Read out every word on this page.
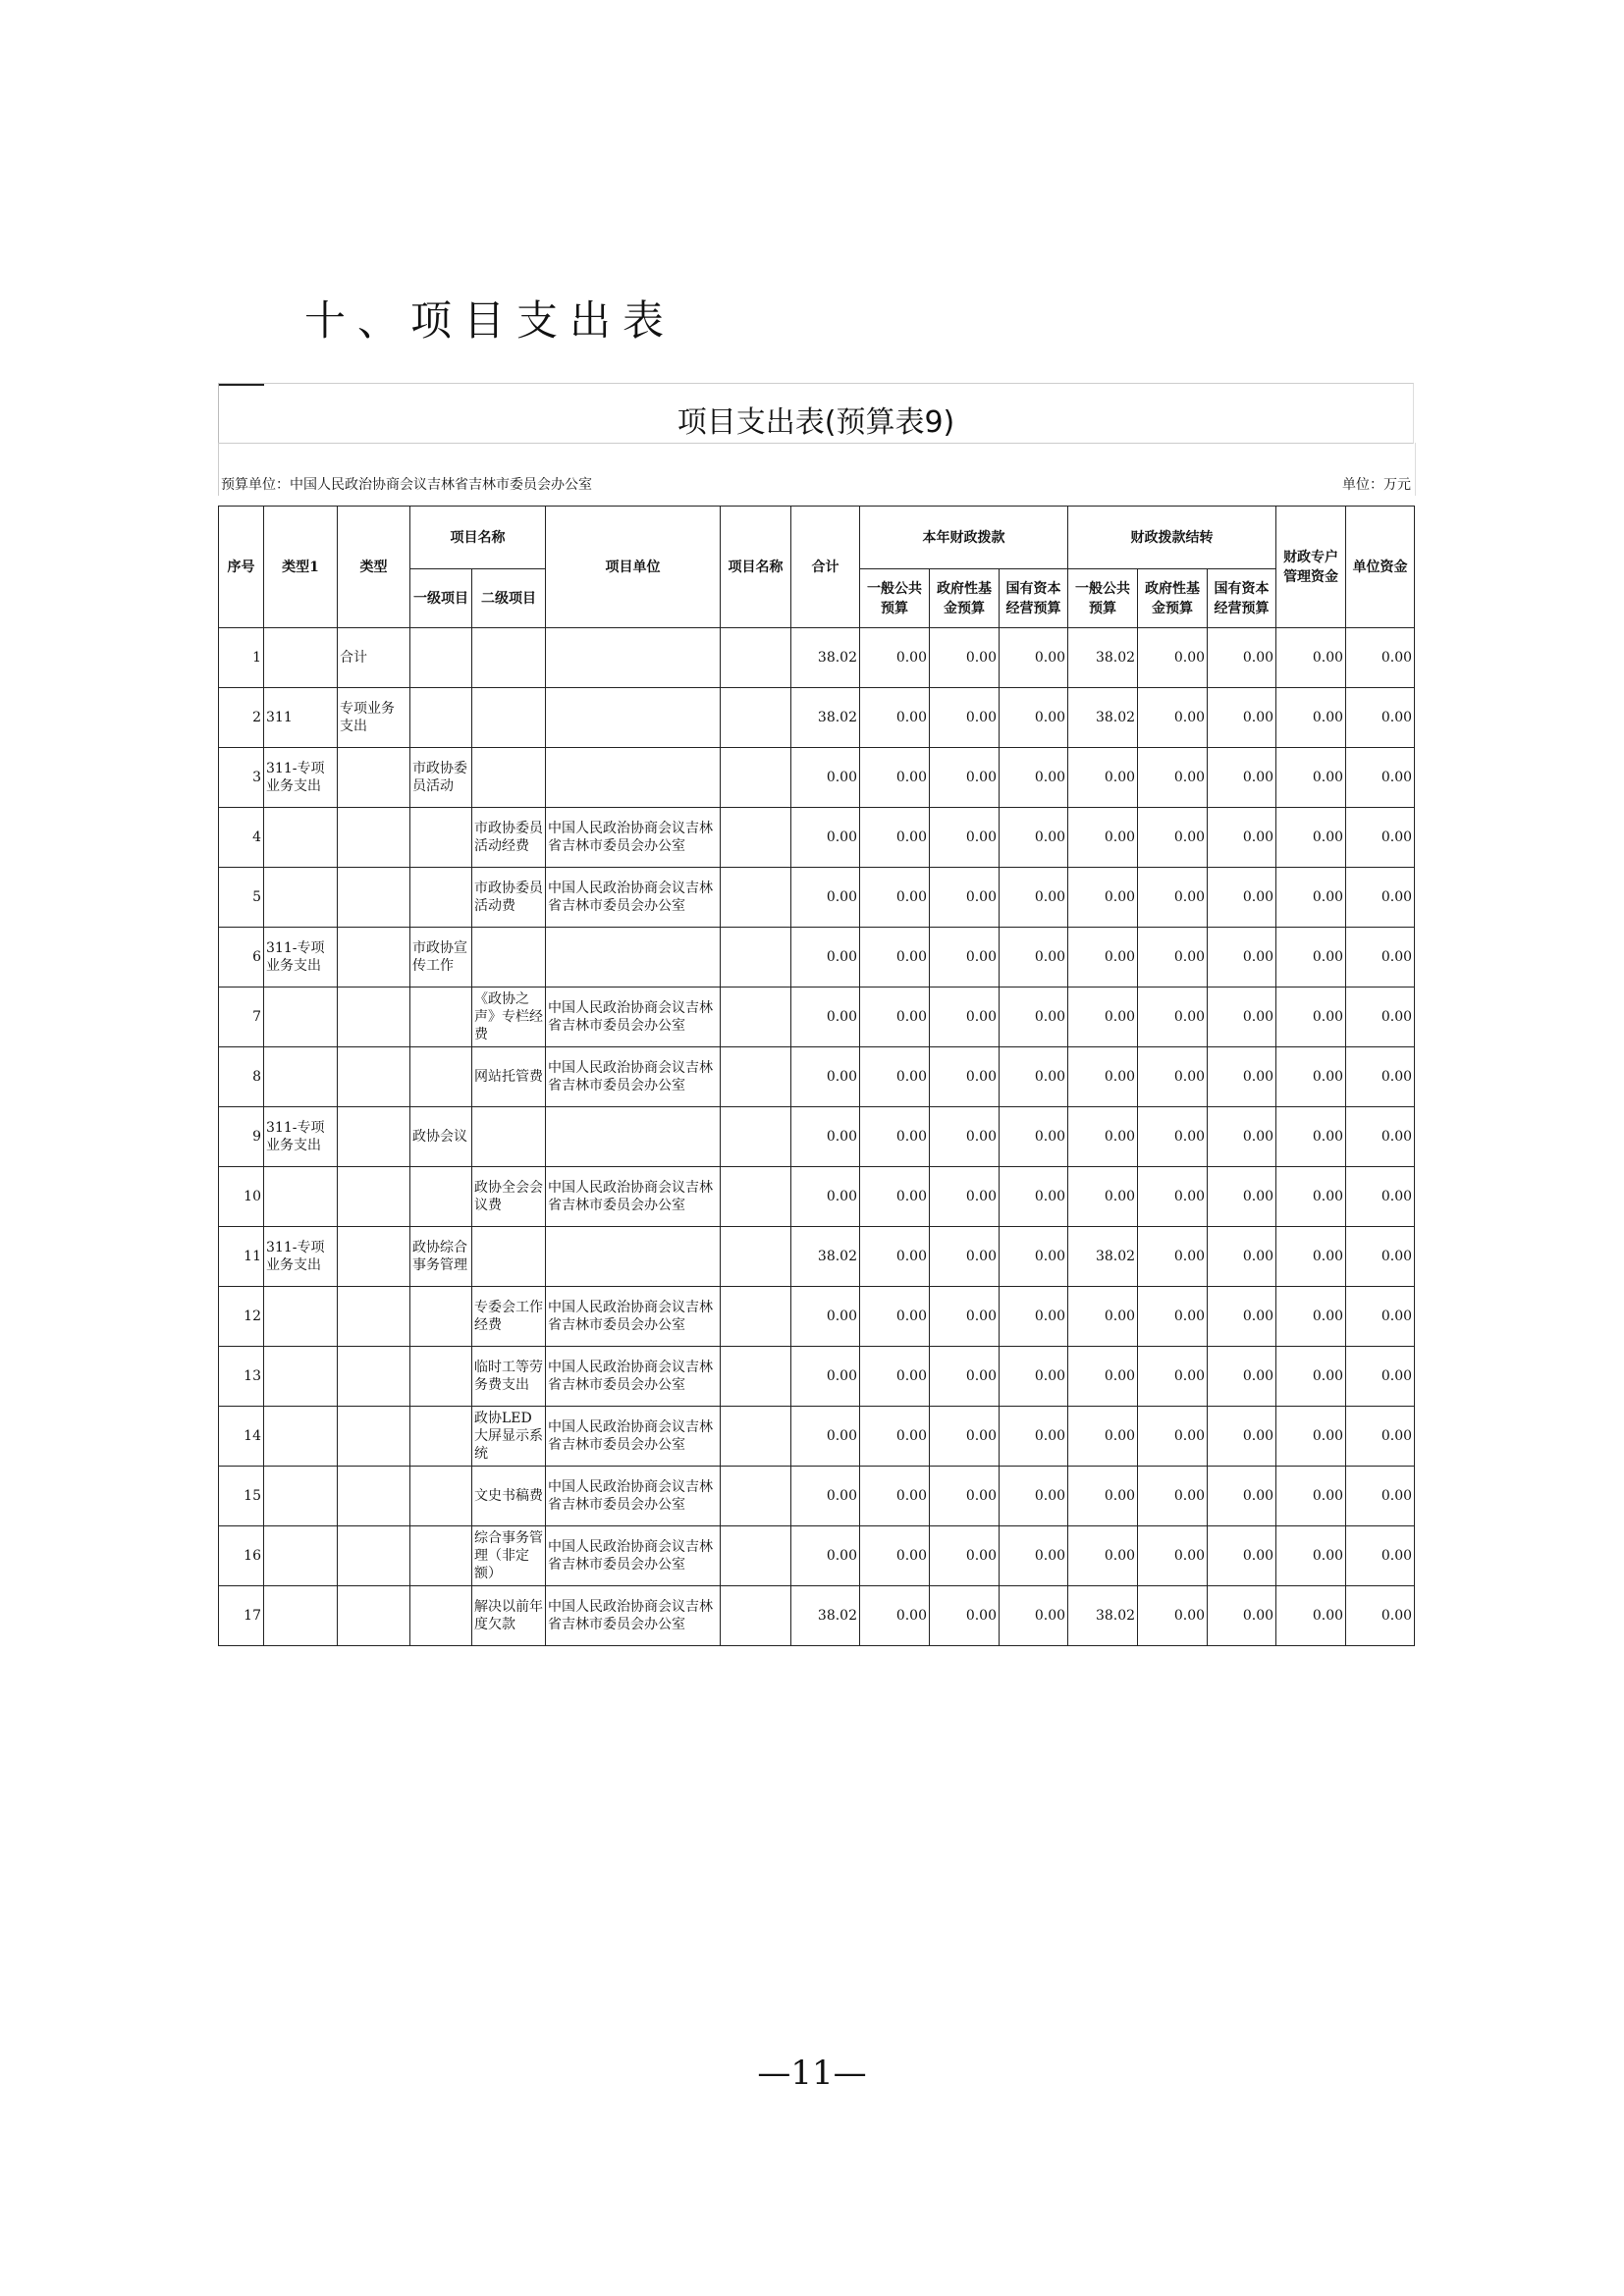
十、项目支出表
项目支出表(预算表9)
预算单位：中国人民政治协商会议吉林省吉林市委员会办公室	单位：万元
序号	类型1	类型	项目名称		项目单位	项目名称	合计	本年财政拨款			财政拨款结转			财政专户管理资金	单位资金
			一级项目	二级项目				一般公共预算	政府性基金预算	国有资本经营预算	一般公共预算	政府性基金预算	国有资本经营预算		
1		合计					38.02	0.00	0.00	0.00	38.02	0.00	0.00	0.00	0.00
2	311	专项业务支出					38.02	0.00	0.00	0.00	38.02	0.00	0.00	0.00	0.00
3	311-专项业务支出		市政协委员活动				0.00	0.00	0.00	0.00	0.00	0.00	0.00	0.00	0.00
4				市政协委员活动经费	中国人民政治协商会议吉林省吉林市委员会办公室		0.00	0.00	0.00	0.00	0.00	0.00	0.00	0.00	0.00
5				市政协委员活动费	中国人民政治协商会议吉林省吉林市委员会办公室		0.00	0.00	0.00	0.00	0.00	0.00	0.00	0.00	0.00
6	311-专项业务支出		市政协宣传工作				0.00	0.00	0.00	0.00	0.00	0.00	0.00	0.00	0.00
7				《政协之声》专栏经费	中国人民政治协商会议吉林省吉林市委员会办公室		0.00	0.00	0.00	0.00	0.00	0.00	0.00	0.00	0.00
8				网站托管费	中国人民政治协商会议吉林省吉林市委员会办公室		0.00	0.00	0.00	0.00	0.00	0.00	0.00	0.00	0.00
9	311-专项业务支出		政协会议				0.00	0.00	0.00	0.00	0.00	0.00	0.00	0.00	0.00
10				政协全会会议费	中国人民政治协商会议吉林省吉林市委员会办公室		0.00	0.00	0.00	0.00	0.00	0.00	0.00	0.00	0.00
11	311-专项业务支出		政协综合事务管理				38.02	0.00	0.00	0.00	38.02	0.00	0.00	0.00	0.00
12				专委会工作经费	中国人民政治协商会议吉林省吉林市委员会办公室		0.00	0.00	0.00	0.00	0.00	0.00	0.00	0.00	0.00
13				临时工等劳务费支出	中国人民政治协商会议吉林省吉林市委员会办公室		0.00	0.00	0.00	0.00	0.00	0.00	0.00	0.00	0.00
14				政协LED大屏显示系统	中国人民政治协商会议吉林省吉林市委员会办公室		0.00	0.00	0.00	0.00	0.00	0.00	0.00	0.00	0.00
15				文史书稿费	中国人民政治协商会议吉林省吉林市委员会办公室		0.00	0.00	0.00	0.00	0.00	0.00	0.00	0.00	0.00
16				综合事务管理（非定额）	中国人民政治协商会议吉林省吉林市委员会办公室		0.00	0.00	0.00	0.00	0.00	0.00	0.00	0.00	0.00
17				解决以前年度欠款	中国人民政治协商会议吉林省吉林市委员会办公室		38.02	0.00	0.00	0.00	38.02	0.00	0.00	0.00	0.00
—11—
